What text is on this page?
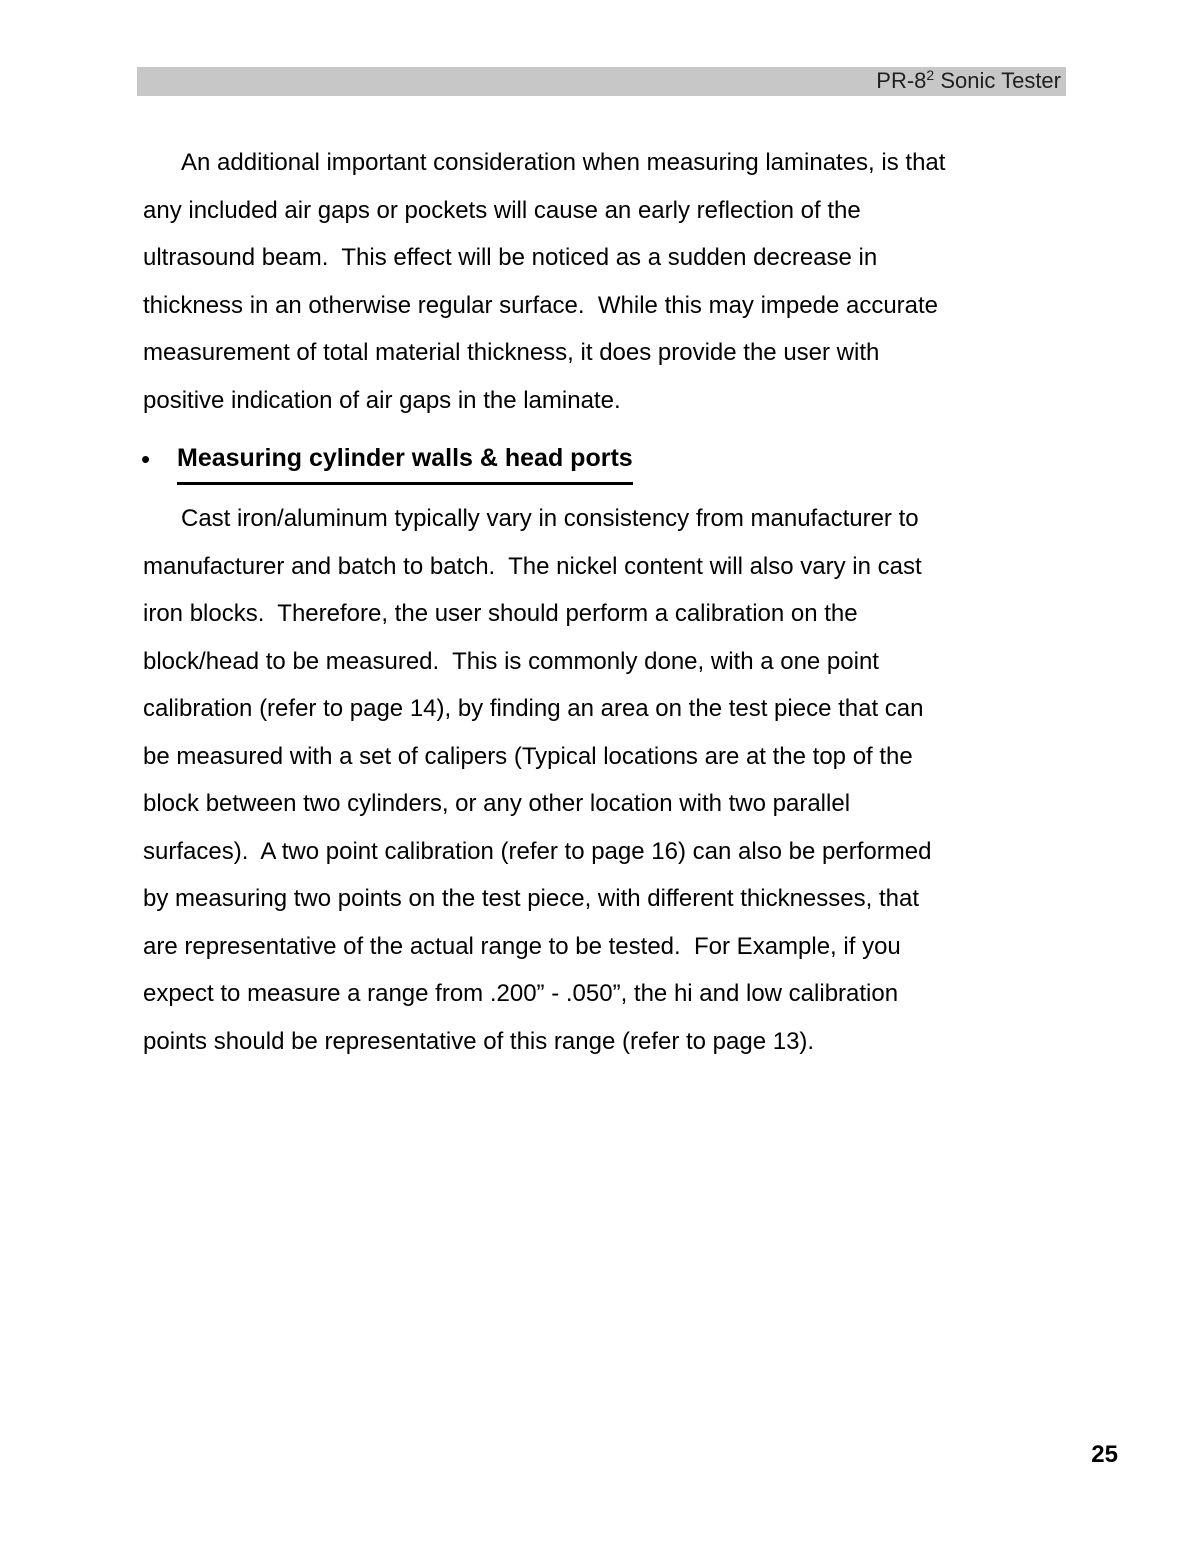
$PR-8^2$ Sonic Tester
An additional important consideration when measuring laminates, is that
any included air gaps or pockets will cause an early reflection of the
ultrasound beam.  This effect will be noticed as a sudden decrease in
thickness in an otherwise regular surface.  While this may impede accurate
measurement of total material thickness, it does provide the user with
positive indication of air gaps in the laminate.
•	Measuring cylinder walls & head ports
Cast iron/aluminum typically vary in consistency from manufacturer to
manufacturer and batch to batch.  The nickel content will also vary in cast
iron blocks.  Therefore, the user should perform a calibration on the
block/head to be measured.  This is commonly done, with a one point
calibration (refer to page 14), by finding an area on the test piece that can
be measured with a set of calipers (Typical locations are at the top of the
block between two cylinders, or any other location with two parallel
surfaces).  A two point calibration (refer to page 16) can also be performed
by measuring two points on the test piece, with different thicknesses, that
are representative of the actual range to be tested.  For Example, if you
expect to measure a range from .200” - .050”, the hi and low calibration
points should be representative of this range (refer to page 13).
25
